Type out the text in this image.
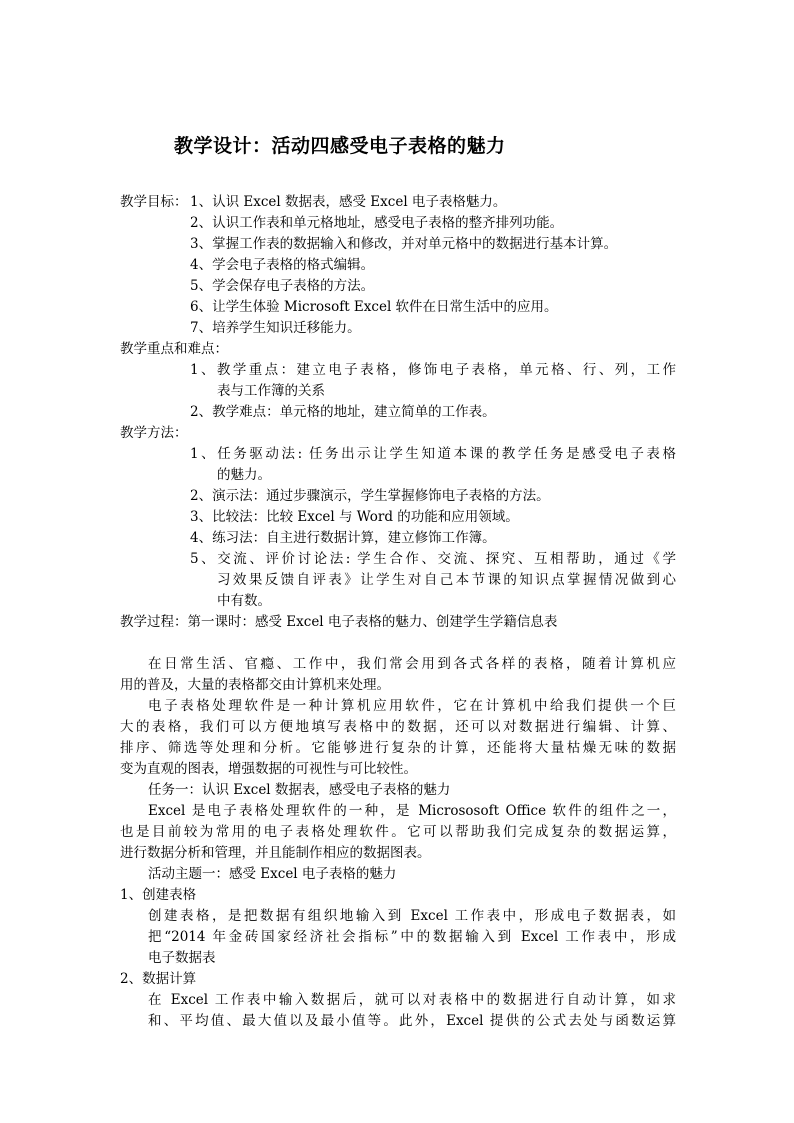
教学设计：活动四感受电子表格的魅力
教学目标： 1、认识 Excel 数据表，感受 Excel 电子表格魅力。
2、认识工作表和单元格地址，感受电子表格的整齐排列功能。
3、掌握工作表的数据输入和修改，并对单元格中的数据进行基本计算。
4、学会电子表格的格式编辑。
5、学会保存电子表格的方法。
6、让学生体验 Microsoft Excel 软件在日常生活中的应用。
7、培养学生知识迁移能力。
教学重点和难点：
1、教学重点：建立电子表格，修饰电子表格，单元格、行、列，工作
表与工作簿的关系
2、教学难点：单元格的地址，建立简单的工作表。
教学方法：
1、任务驱动法: 任务出示让学生知道本课的教学任务是感受电子表格
的魅力。
2、演示法：通过步骤演示，学生掌握修饰电子表格的方法。
3、比较法：比较 Excel 与 Word 的功能和应用领域。
4、练习法：自主进行数据计算，建立修饰工作簿。
5、交流、评价讨论法: 学生合作、交流、探究、互相帮助，通过《学
习效果反馈自评表》让学生对自己本节课的知识点掌握情况做到心
中有数。
教学过程：第一课时：感受 Excel 电子表格的魅力、创建学生学籍信息表
在日常生活、官瘾、工作中，我们常会用到各式各样的表格，随着计算机应
用的普及，大量的表格都交由计算机来处理。
电子表格处理软件是一种计算机应用软件，它在计算机中给我们提供一个巨
大的表格，我们可以方便地填写表格中的数据，还可以对数据进行编辑、计算、
排序、筛选等处理和分析。它能够进行复杂的计算，还能将大量枯燥无味的数据
变为直观的图表，增强数据的可视性与可比较性。
任务一：认识 Excel 数据表，感受电子表格的魅力
Excel 是电子表格处理软件的一种，是 Micrososoft Office 软件的组件之一，
也是目前较为常用的电子表格处理软件。它可以帮助我们完成复杂的数据运算，
进行数据分析和管理，并且能制作相应的数据图表。
活动主题一：感受 Excel 电子表格的魅力
1、创建表格
创建表格，是把数据有组织地输入到 Excel 工作表中，形成电子数据表，如
把“2014 年金砖国家经济社会指标”中的数据输入到 Excel 工作表中，形成
电子数据表
2、数据计算
在 Excel 工作表中输入数据后，就可以对表格中的数据进行自动计算，如求
和、平均值、最大值以及最小值等。此外，Excel 提供的公式去处与函数运算
